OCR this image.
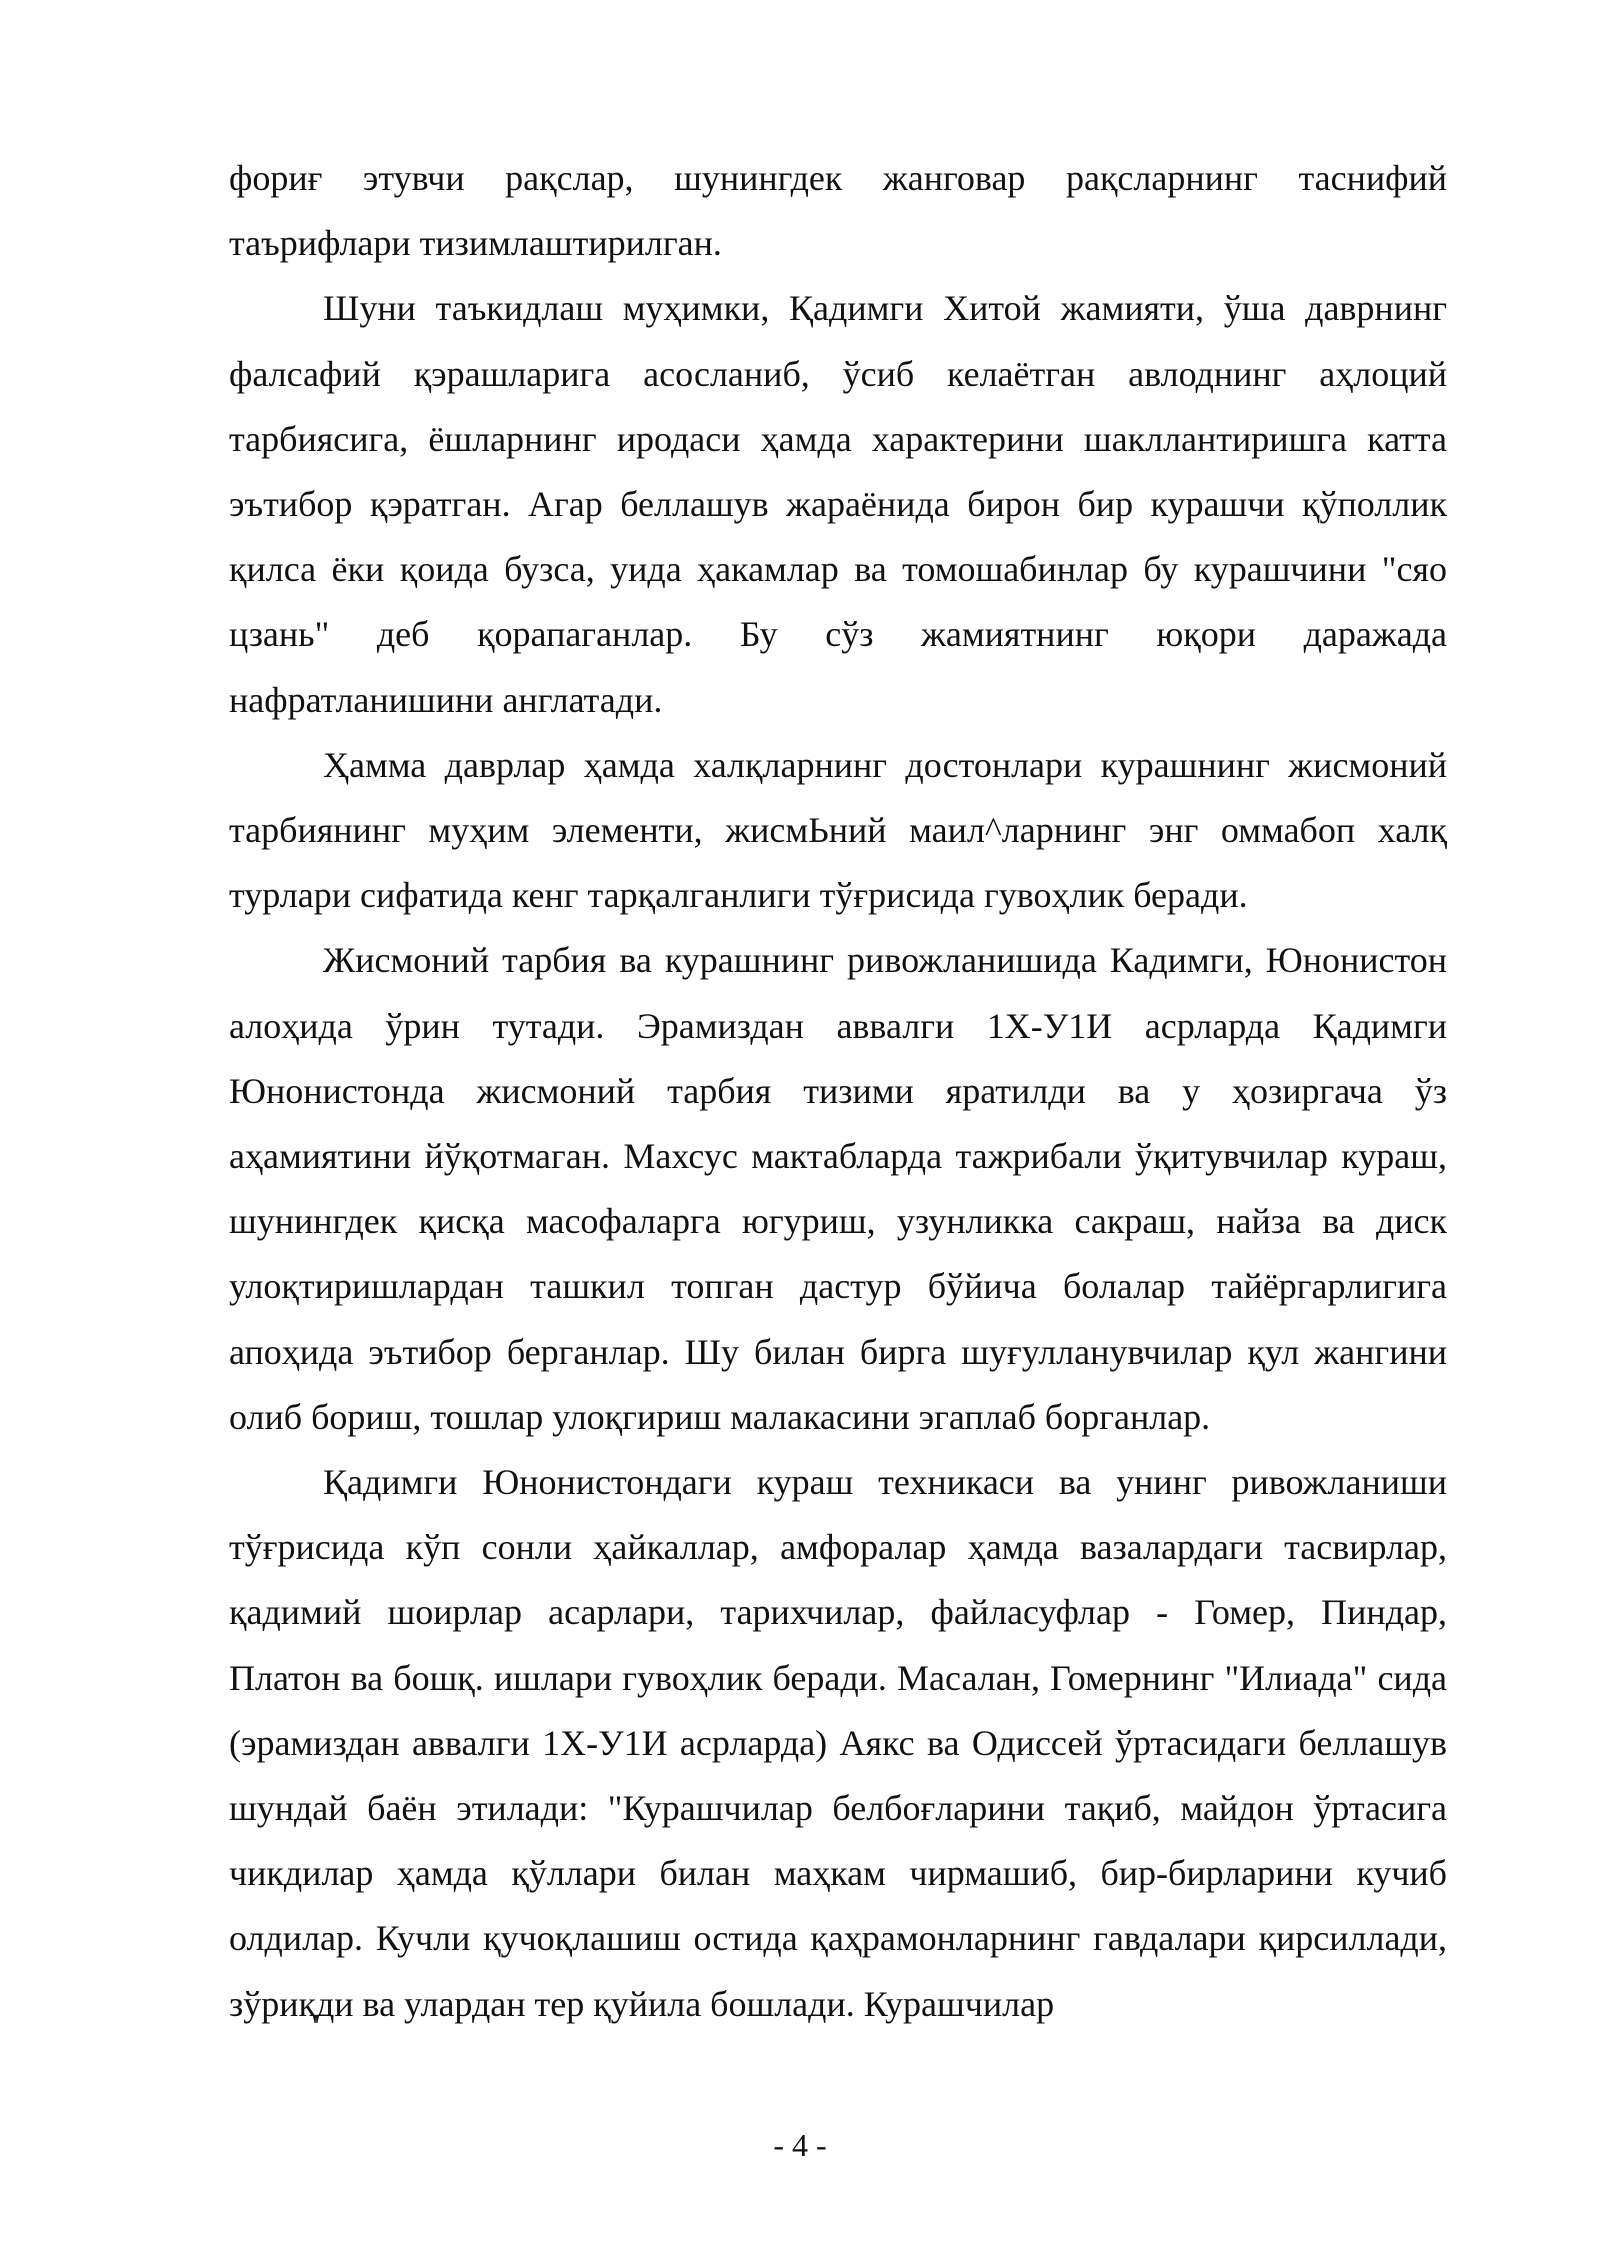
фориғ этувчи рақслар, шунингдек жанговар рақсларнинг таснифий таърифлари тизимлаштирилган.

Шуни таъкидлаш муҳимки, Қадимги Хитой жамияти, ўша даврнинг фалсафий қэрашларига асосланиб, ўсиб келаётган авлоднинг аҳлоций тарбиясига, ёшларнинг иродаси ҳамда характерини шакллантиришга катта эътибор қэратган. Агар беллашув жараёнида бирон бир курашчи қўполлик қилса ёки қоида бузса, уида ҳакамлар ва томошабинлар бу курашчини "сяо цзань" деб қорапаганлар. Бу сўз жамиятнинг юқори даражада нафратланишини англатади.

Ҳамма даврлар ҳамда халқларнинг достонлари курашнинг жисмоний тарбиянинг муҳим элементи, жисмЬний маил^ларнинг энг оммабоп халқ турлари сифатида кенг тарқалганлиги тўғрисида гувоҳлик беради.

Жисмоний тарбия ва курашнинг ривожланишида Кадимги, Юнонистон алоҳида ўрин тутади. Эрамиздан аввалги 1Х-У1И асрларда Қадимги Юнонистонда жисмоний тарбия тизими яратилди ва у ҳозиргача ўз аҳамиятини йўқотмаган. Махсус мактабларда тажрибали ўқитувчилар кураш, шунингдек қисқа масофаларга югуриш, узунликка сакраш, найза ва диск улоқтиришлардан ташкил топган дастур бўйича болалар тайёргарлигига апоҳида эътибор берганлар. Шу билан бирга шуғулланувчилар қул жангини олиб бориш, тошлар улоқгириш малакасини эгаплаб борганлар.

Қадимги Юнонистондаги кураш техникаси ва унинг ривожланиши тўғрисида кўп сонли ҳайкаллар, амфоралар ҳамда вазалардаги тасвирлар, қадимий шоирлар асарлари, тарихчилар, файласуфлар - Гомер, Пиндар, Платон ва бошқ. ишлари гувоҳлик беради. Масалан, Гомернинг "Илиада" сида (эрамиздан аввалги 1Х-У1И асрларда) Аякс ва Одиссей ўртасидаги беллашув шундай баён этилади: "Курашчилар белбоғларини тақиб, майдон ўртасига чикдилар ҳамда қўллари билан маҳкам чирмашиб, бир-бирларини кучиб олдилар. Кучли қучоқлашиш остида қаҳрамонларнинг гавдалари қирсиллади, зўриқди ва улардан тер қуйила бошлади. Курашчилар

- 4 -
